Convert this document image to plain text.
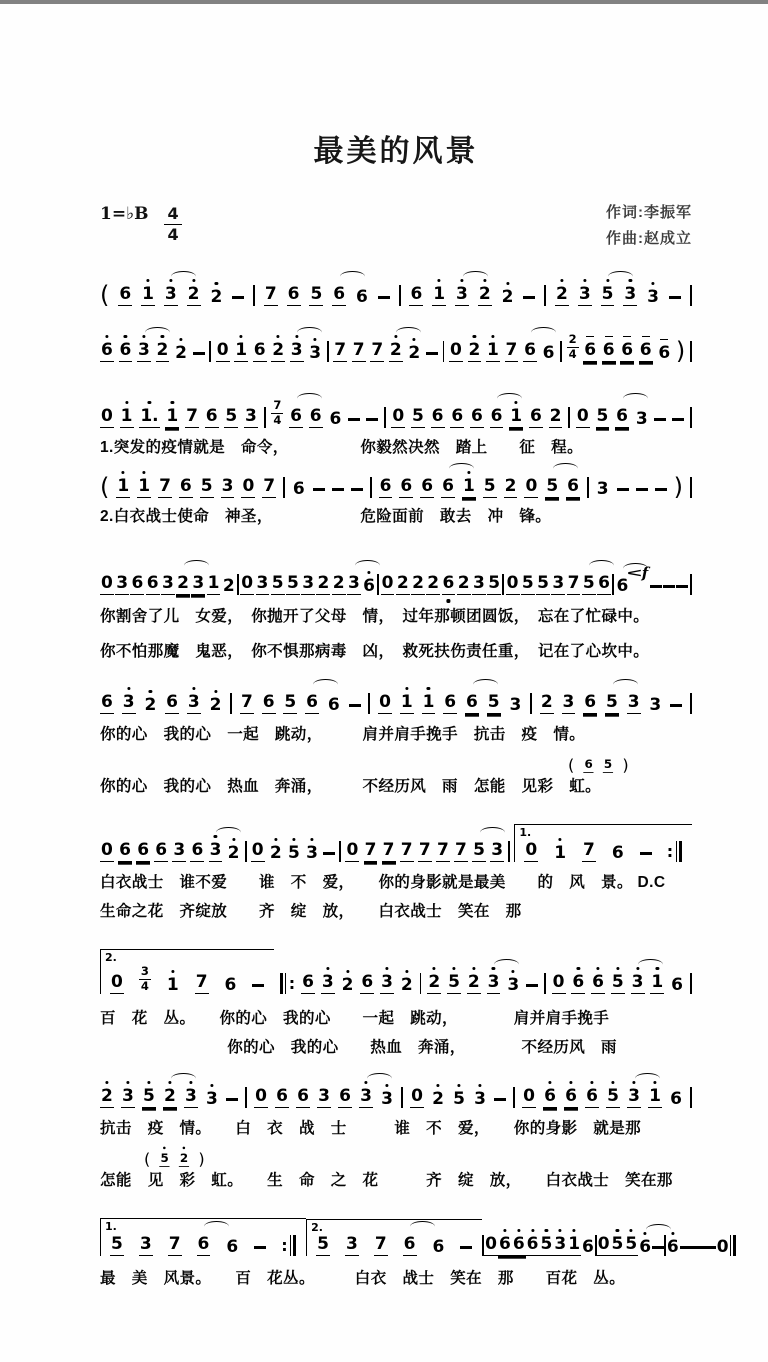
最美的风景
1=♭B $\frac{4}{4}$	作词:李振军
作曲:赵成立
( 6 1 3 2 2	7 6 5 6 6	6 1 3 2 2	2 3 5 3 3
6 6 3 2 2 0 1 6 2 3 3 7 7 7 2 2 0 2 1 7 6 6
2
4 6 6 6 6 6 )
0 1 1. 1 7 6 5 3
7
4 6 6 6	0 5 6 6 6 6 1 6 2 0 5 6 3
1.突发的疫情就是　命令，　　　　　你毅然决然　踏上　　征　程。
( 1 1 7 6 5 3 0 7 6	6 6 6 6 1 5 2 0 5 6 3	)
2.白衣战士使命　神圣，　　　　　　危险面前　敢去　冲　锋。
0 3 6 6 3 2 3 1 2 0 3 5 5 3 2 2 3 6 0 2 2 2 6 2 3 5 0 5 5 3 7 5 6 6
< f
你割舍了儿　女爱，　你抛开了父母　情，　过年那顿团圆饭，　忘在了忙碌中。
你不怕那魔　鬼恶，　你不惧那病毒　凶，　救死扶伤责任重，　记在了心坎中。
6 3 2 6 3 2 7 6 5 6 6 0 1 1 6 6 5 3 2 3 6 5 3 3
你的心　我的心　一起　跳动，　　　肩并肩手挽手　抗击　疫　情。
( 6 5 )
你的心　我的心　热血　奔涌，　　　不经历风　雨　怎能　见彩　虹。
0 6 6 6 3 6 3 2 0 2 5 3 0 7 7 7 7 7 7 5 3
1.
0 1 7 6	:
白衣战士　谁不爱　　谁　不　爱，　　你的身影就是最美　　的　风　景。 D.C
生命之花　齐绽放　　齐　绽　放，　　白衣战士　笑在　那
2.
0
3
4 1 7 6	: 6 3 2 6 3 2 2 5 2 3 3 0 6 6 5 3 1 6
百　花　丛。　　你的心　我的心　　一起　跳动，　　　　肩并肩手挽手
　　　　　　　　你的心　我的心　　热血　奔涌，　　　　不经历风　雨
2 3 5 2 3 3 0 6 6 3 6 3 3 0 2 5 3 0 6 6 6 5 3 1 6
抗击　疫　情。　　白　衣　战　士　　　谁　不　爱，　　你的身影　就是那
( 5 2 )
怎能　见　彩　虹。　　生　命　之　花　　　齐　绽　放，　　白衣战士　笑在那
1.
5 3 7 6 6	:
2.
5 3 7 6 6 0 6 6 6 5 3 1 6 0 5 5 6 6 0
最　美　风景。　　百　花丛。　　　白衣　战士　笑在　那　　百花　丛。
